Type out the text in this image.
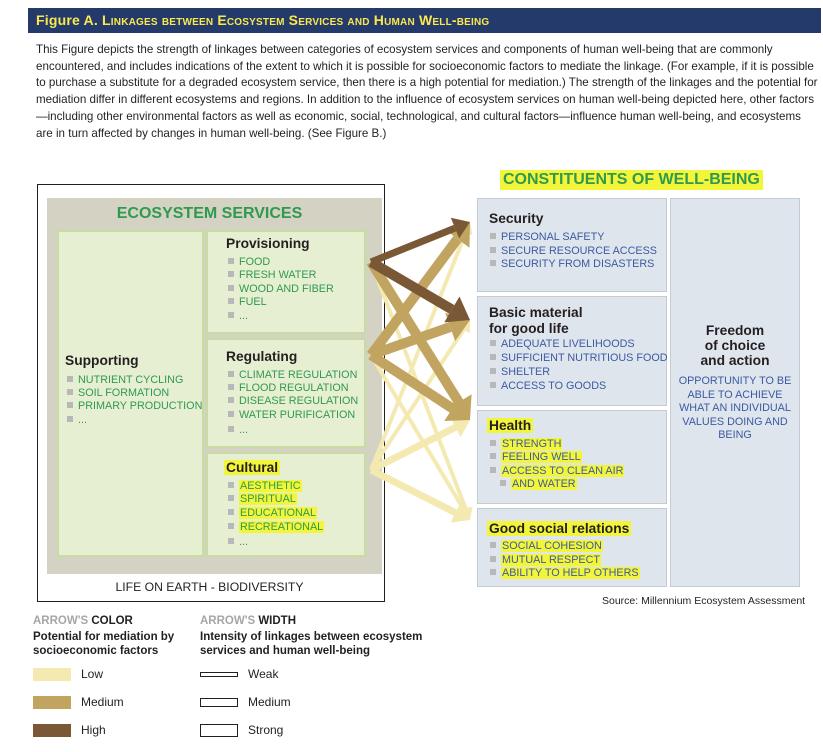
Figure A. Linkages between Ecosystem Services and Human Well-being

This Figure depicts the strength of linkages between categories of ecosystem services and components of human well-being that are commonly encountered, and includes indications of the extent to which it is possible for socioeconomic factors to mediate the linkage. (For example, if it is possible to purchase a substitute for a degraded ecosystem service, then there is a high potential for mediation.) The strength of the linkages and the potential for mediation differ in different ecosystems and regions. In addition to the influence of ecosystem services on human well-being depicted here, other factors—including other environmental factors as well as economic, social, technological, and cultural factors—influence human well-being, and ecosystems are in turn affected by changes in human well-being. (See Figure B.)

ECOSYSTEM SERVICES
Supporting
NUTRIENT CYCLING
SOIL FORMATION
PRIMARY PRODUCTION
...
Provisioning
FOOD
FRESH WATER
WOOD AND FIBER
FUEL
...
Regulating
CLIMATE REGULATION
FLOOD REGULATION
DISEASE REGULATION
WATER PURIFICATION
...
Cultural
AESTHETIC
SPIRITUAL
EDUCATIONAL
RECREATIONAL
...
LIFE ON EARTH - BIODIVERSITY
CONSTITUENTS OF WELL-BEING
Security
PERSONAL SAFETY
SECURE RESOURCE ACCESS
SECURITY FROM DISASTERS
Basic material
for good life
ADEQUATE LIVELIHOODS
SUFFICIENT NUTRITIOUS FOOD
SHELTER
ACCESS TO GOODS
Health
STRENGTH
FEELING WELL
ACCESS TO CLEAN AIR
AND WATER
Good social relations
SOCIAL COHESION
MUTUAL RESPECT
ABILITY TO HELP OTHERS
Freedom
of choice
and action
OPPORTUNITY TO BE ABLE TO ACHIEVE WHAT AN INDIVIDUAL VALUES DOING AND BEING
Source: Millennium Ecosystem Assessment
ARROW'S COLOR
Potential for mediation by
socioeconomic factors
Low
Medium
High
ARROW'S WIDTH
Intensity of linkages between ecosystem
services and human well-being
Weak
Medium
Strong
